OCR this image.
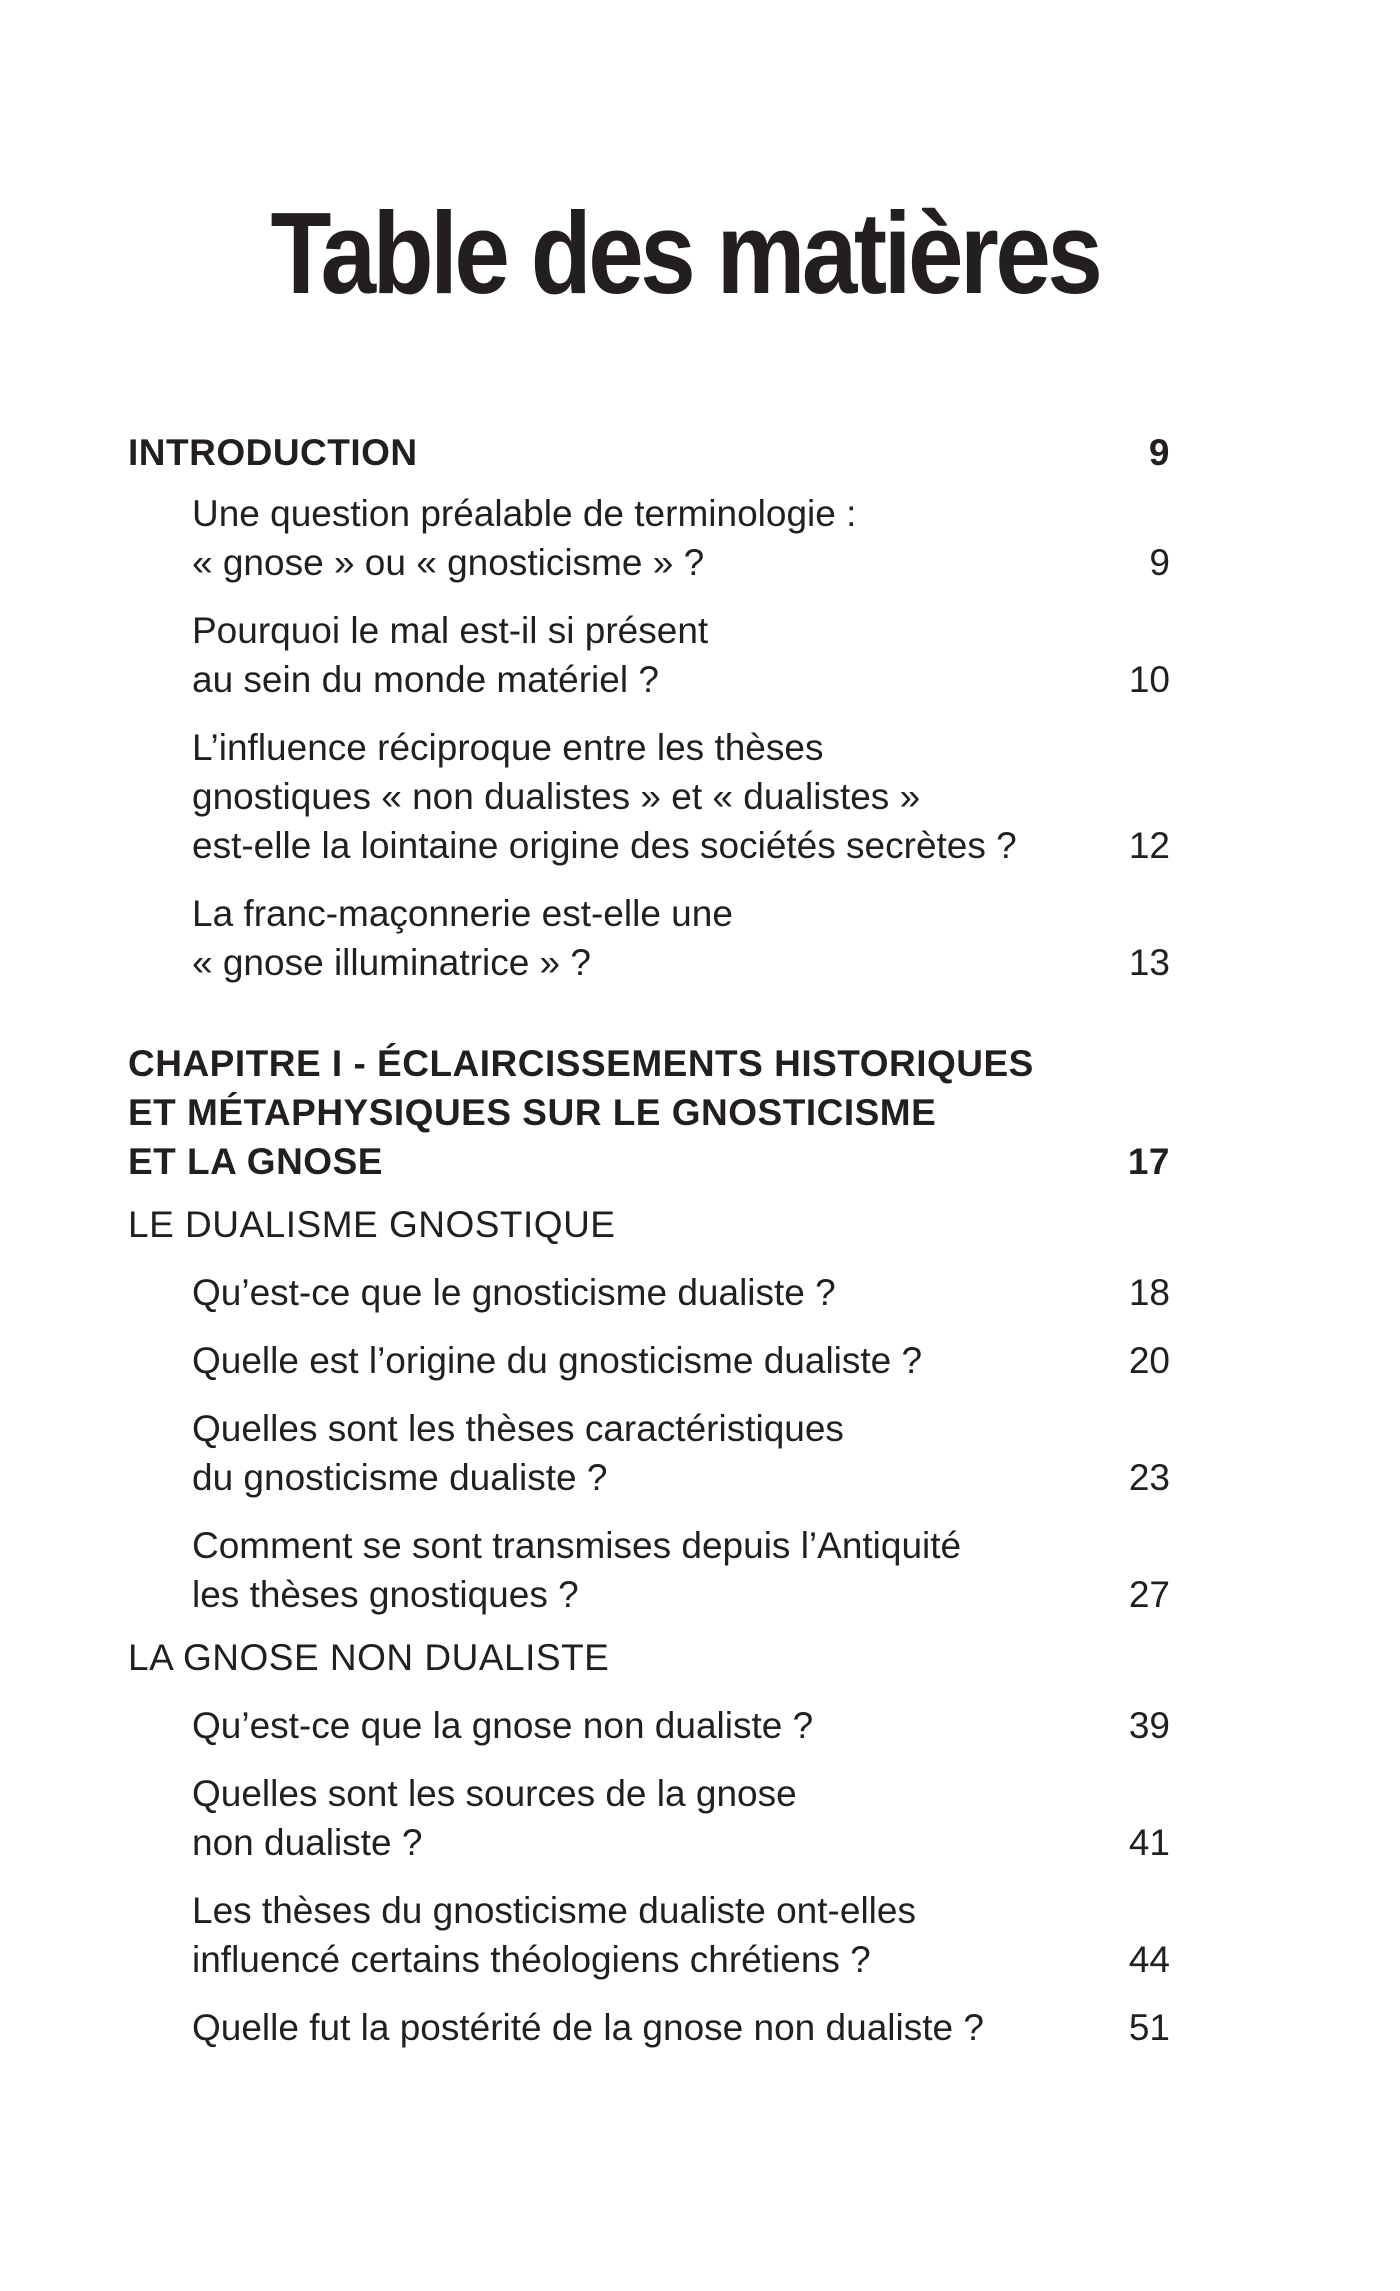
Table des matières
INTRODUCTION	9
Une question préalable de terminologie :
« gnose » ou « gnosticisme » ?	9
Pourquoi le mal est-il si présent
au sein du monde matériel ?	10
L’influence réciproque entre les thèses
gnostiques « non dualistes » et « dualistes »
est-elle la lointaine origine des sociétés secrètes ?	12
La franc-maçonnerie est-elle une
« gnose illuminatrice » ?	13
CHAPITRE I - ÉCLAIRCISSEMENTS HISTORIQUES
ET MÉTAPHYSIQUES SUR LE GNOSTICISME
ET LA GNOSE	17
LE DUALISME GNOSTIQUE
Qu’est-ce que le gnosticisme dualiste ?	18
Quelle est l’origine du gnosticisme dualiste ?	20
Quelles sont les thèses caractéristiques
du gnosticisme dualiste ?	23
Comment se sont transmises depuis l’Antiquité
les thèses gnostiques ?	27
LA GNOSE NON DUALISTE
Qu’est-ce que la gnose non dualiste ?	39
Quelles sont les sources de la gnose
non dualiste ?	41
Les thèses du gnosticisme dualiste ont-elles
influencé certains théologiens chrétiens ?	44
Quelle fut la postérité de la gnose non dualiste ?	51
